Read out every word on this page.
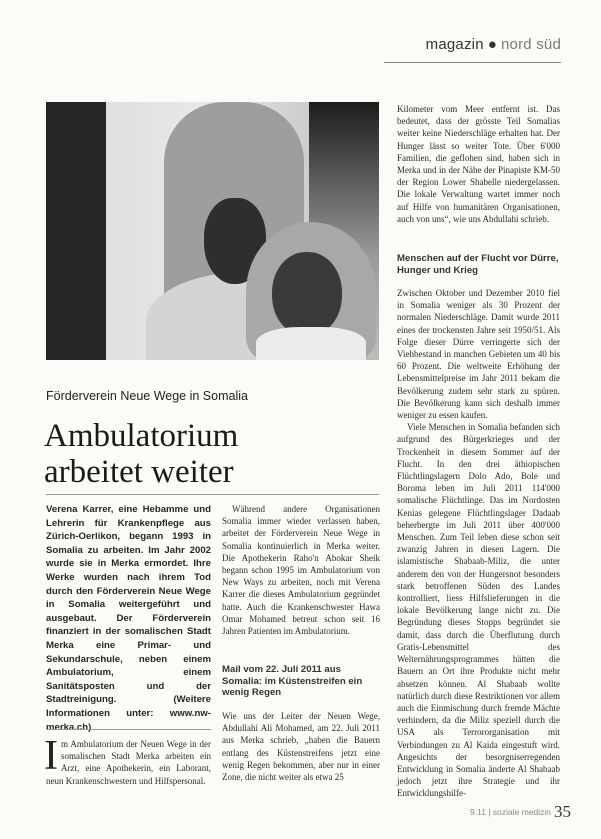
magazin ● nord süd
Förderverein Neue Wege in Somalia
Ambulatorium
arbeitet weiter
Verena Karrer, eine Hebamme und Lehrerin für Krankenpflege aus Zürich-Oerlikon, begann 1993 in Somalia zu arbeiten. Im Jahr 2002 wurde sie in Merka ermordet. Ihre Werke wurden nach ihrem Tod durch den Förderverein Neue Wege in Somalia weitergeführt und ausgebaut. Der Förderverein finanziert in der somalischen Stadt Merka eine Primar- und Sekundarschule, neben einem Ambulatorium, einem Sanitätsposten und der Stadtreinigung. (Weitere Informationen unter: www.nw-merka.ch)
Im Ambulatorium der Neuen Wege in der somalischen Stadt Merka arbeiten ein Arzt, eine Apothekerin, ein Laborant, neun Krankenschwestern und Hilfspersonal.

Während andere Organisationen Somalia immer wieder verlassen haben, arbeitet der Förderverein Neue Wege in Somalia kontinuierlich in Merka weiter. Die Apothekerin Raho'n Abokar Sheik begann schon 1995 im Ambulatorium von New Ways zu arbeiten, noch mit Verena Karrer die dieses Ambulatorium gegründet hatte. Auch die Krankenschwester Hawa Omar Mohamed betreut schon seit 16 Jahren Patienten im Ambulatorium.

Mail vom 22. Juli 2011 aus Somalia: im Küstenstreifen ein wenig Regen

Wie uns der Leiter der Neuen Wege, Abdullahi Ali Mohamed, am 22. Juli 2011 aus Merka schrieb, „haben die Bauern entlang des Küstenstreifens jetzt eine wenig Regen bekommen, aber nur in einer Zone, die nicht weiter als etwa 25

Kilometer vom Meer entfernt ist. Das bedeutet, dass der grösste Teil Somalias weiter keine Niederschläge erhalten hat. Der Hunger lässt so weiter Tote. Über 6'000 Familien, die geflohen sind, haben sich in Merka und in der Nähe der Pinapiste KM-50 der Region Lower Shabelle niedergelassen. Die lokale Verwaltung wartet immer noch auf Hilfe von humanitären Organisationen, auch von uns“, wie uns Abdullahi schrieb.

Menschen auf der Flucht vor Dürre, Hunger und Krieg

Zwischen Oktober und Dezember 2010 fiel in Somalia weniger als 30 Prozent der normalen Niederschläge. Damit wurde 2011 eines der trockensten Jahre seit 1950/51. Als Folge dieser Dürre verringerte sich der Viehbestand in manchen Gebieten um 40 bis 60 Prozent. Die weltweite Erhöhung der Lebensmittelpreise im Jahr 2011 bekam die Bevölkerung zudem sehr stark zu spüren. Die Bevölkerung kann sich deshalb immer weniger zu essen kaufen.

Viele Menschen in Somalia befanden sich aufgrund des Bürgerkrieges und der Trockenheit in diesem Sommer auf der Flucht. In den drei äthiopischen Flüchtlingslagern Dolo Ado, Bole und Boroma leben im Juli 2011 114'000 somalische Flüchtlinge. Das im Nordosten Kenias gelegene Flüchtlingslager Dadaab beherbergte im Juli 2011 über 400'000 Menschen. Zum Teil leben diese schon seit zwanzig Jahren in diesen Lagern. Die islamistische Shabaab-Miliz, die unter anderem den von der Hungersnot besonders stark betroffenen Süden des Landes kontrolliert, liess Hilfslieferungen in die lokale Bevölkerung lange nicht zu. Die Begründung dieses Stopps begründet sie damit, dass durch die Überflutung durch Gratis-Lebensmittel des Welternährungsprogrammes hätten die Bauern an Ort ihre Produkte nicht mehr absetzen können. Al Shabaab wollte natürlich durch diese Restriktionen vor allem auch die Einmischung durch fremde Mächte verhindern, da die Miliz speziell durch die USA als Terrororganisation mit Verbindungen zu Al Kaida eingestuft wird. Angesichts der besorgniserregenden Entwicklung in Somalia änderte Al Shabaab jedoch jetzt ihre Strategie und ihr Entwicklungshilfe-

9.11 | soziale medizin 35
